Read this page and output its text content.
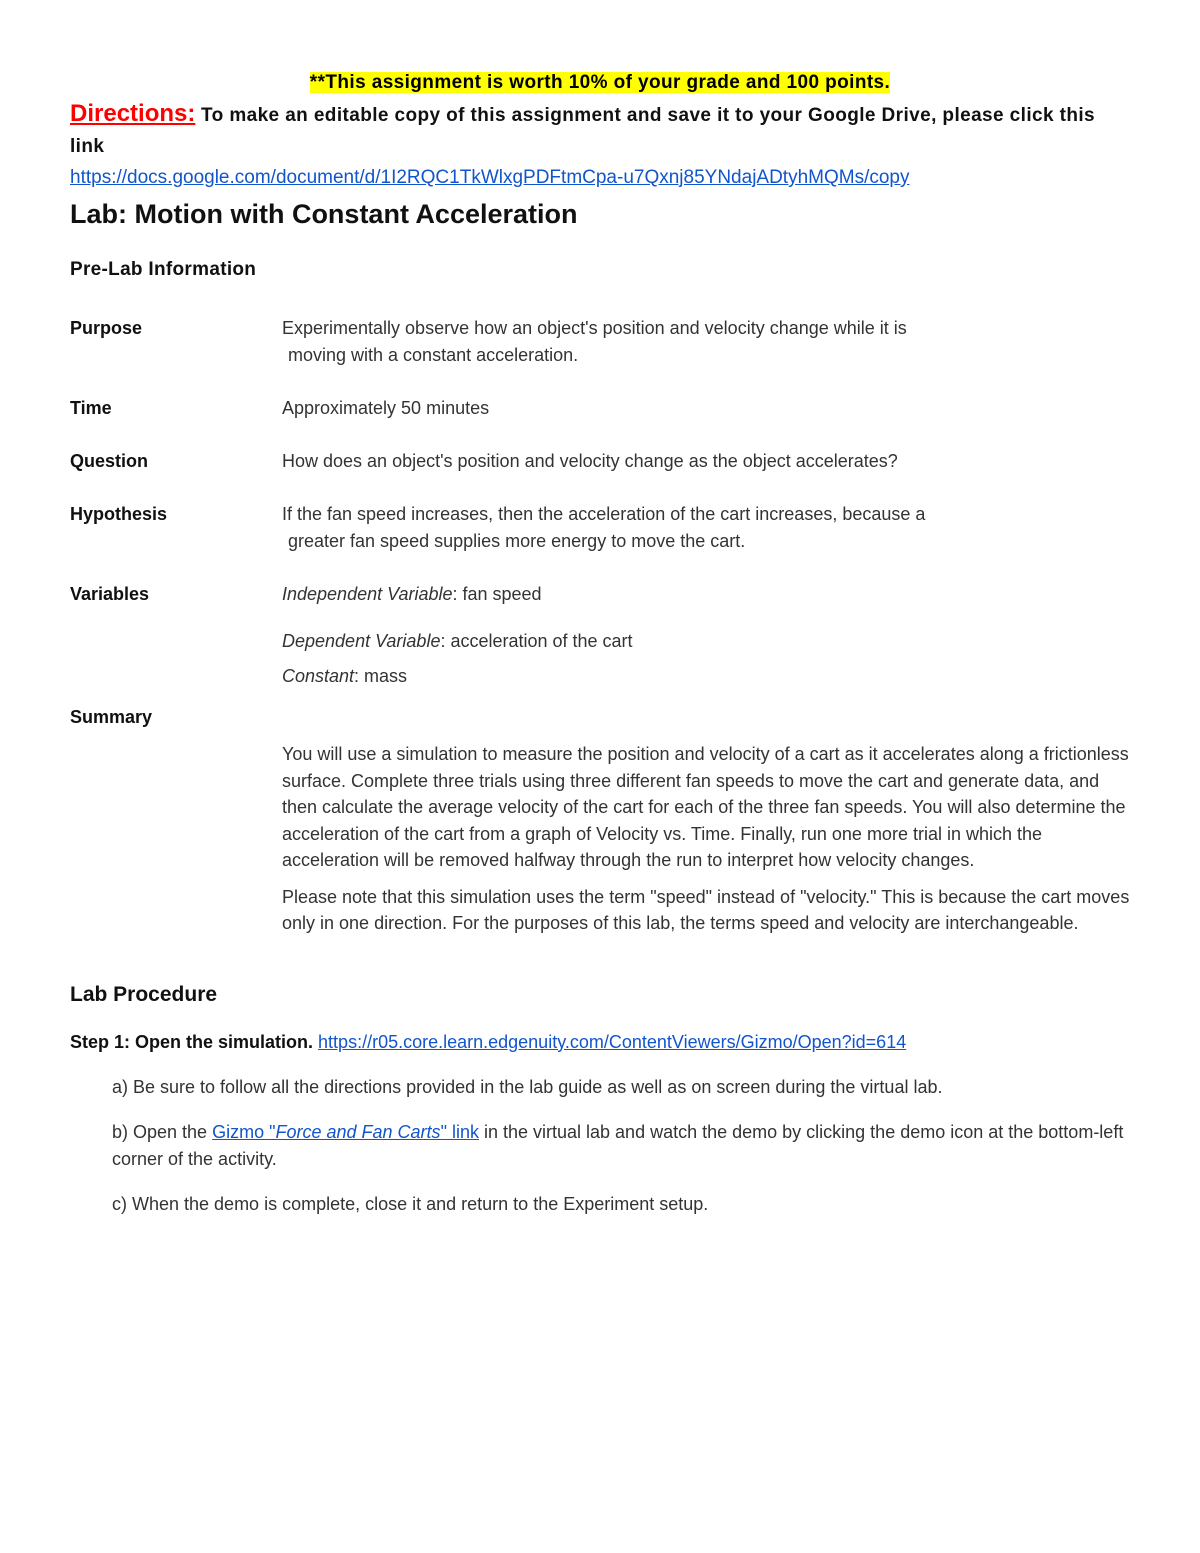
**This assignment is worth 10% of your grade and 100 points.
Directions: To make an editable copy of this assignment and save it to your Google Drive, please click this link
https://docs.google.com/document/d/1I2RQC1TkWlxgPDFtmCpa-u7Qxnj85YNdajADtyhMQMs/copy
Lab: Motion with Constant Acceleration
Pre-Lab Information
Purpose	Experimentally observe how an object's position and velocity change while it is
moving with a constant acceleration.
Time	Approximately 50 minutes
Question	How does an object's position and velocity change as the object accelerates?
Hypothesis	If the fan speed increases, then the acceleration of the cart increases, because a
greater fan speed supplies more energy to move the cart.
Variables	Independent Variable: fan speed
Dependent Variable: acceleration of the cart
Constant: mass
Summary

You will use a simulation to measure the position and velocity of a cart as it accelerates along a frictionless surface. Complete three trials using three different fan speeds to move the cart and generate data, and then calculate the average velocity of the cart for each of the three fan speeds. You will also determine the acceleration of the cart from a graph of Velocity vs. Time. Finally, run one more trial in which the acceleration will be removed halfway through the run to interpret how velocity changes.

Please note that this simulation uses the term "speed" instead of "velocity." This is because the cart moves only in one direction. For the purposes of this lab, the terms speed and velocity are interchangeable.

Lab Procedure
Step 1: Open the simulation. https://r05.core.learn.edgenuity.com/ContentViewers/Gizmo/Open?id=614
a) Be sure to follow all the directions provided in the lab guide as well as on screen during the virtual lab.
b) Open the Gizmo "Force and Fan Carts" link in the virtual lab and watch the demo by clicking the demo icon at the bottom-left corner of the activity.
c) When the demo is complete, close it and return to the Experiment setup.
